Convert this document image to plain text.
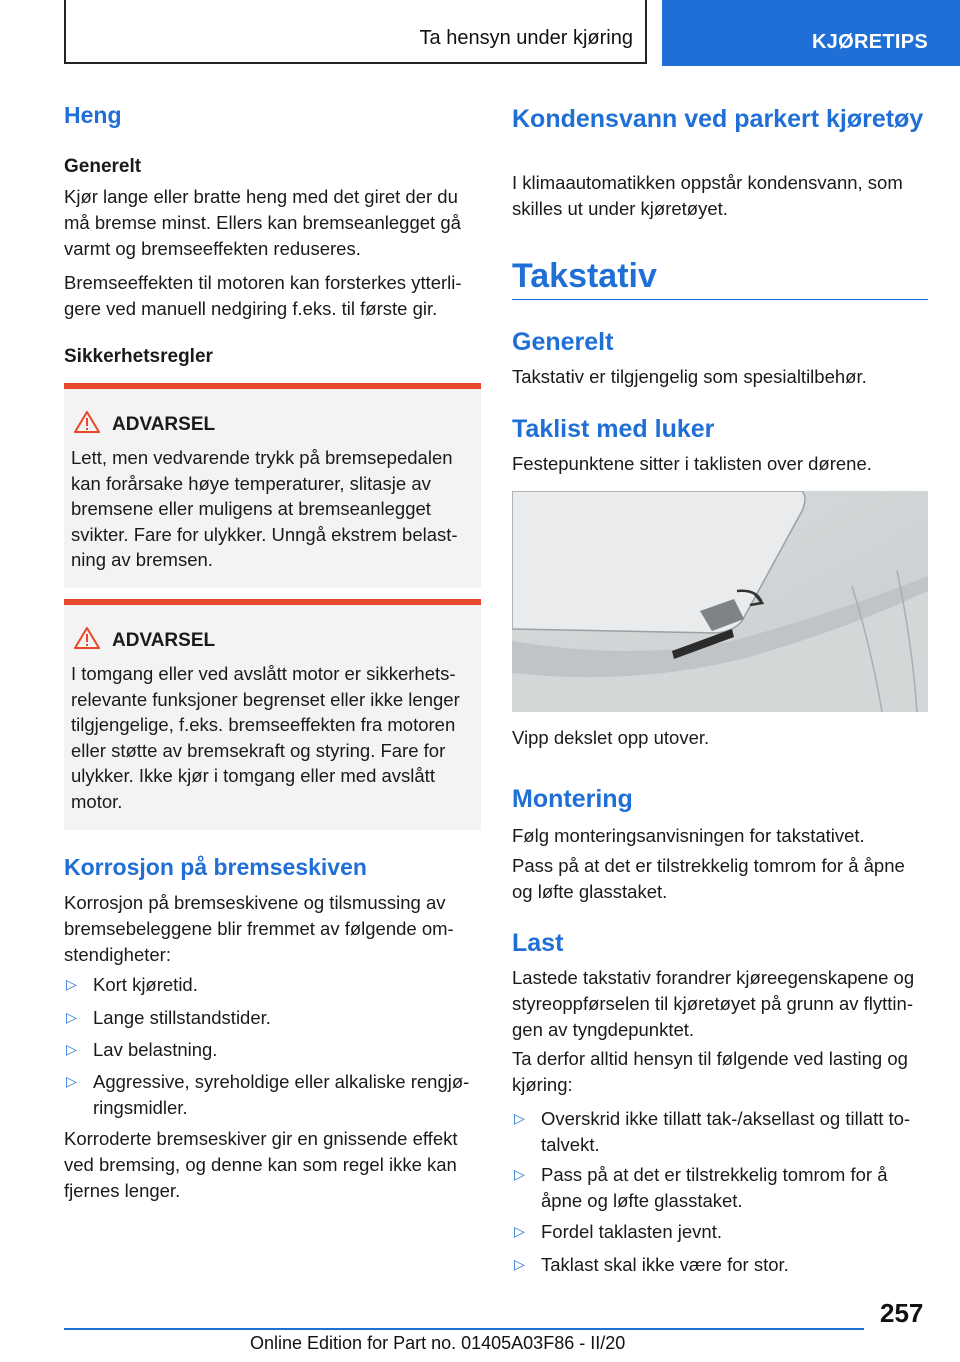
Ta hensyn under kjøring	KJØRETIPS
Heng
Generelt

Kjør lange eller bratte heng med det giret der du må bremse minst. Ellers kan bremseanlegget gå varmt og bremseeffekten reduseres.

Bremseeffekten til motoren kan forsterkes ytterli-gere ved manuell nedgiring f.eks. til første gir.

Sikkerhetsregler
ADVARSEL
Lett, men vedvarende trykk på bremsepedalen kan forårsake høye temperaturer, slitasje av bremsene eller muligens at bremseanlegget svikter. Fare for ulykker. Unngå ekstrem belast-ning av bremsen.
ADVARSEL
I tomgang eller ved avslått motor er sikkerhets-relevante funksjoner begrenset eller ikke lenger tilgjengelige, f.eks. bremseeffekten fra motoren eller støtte av bremsekraft og styring. Fare for ulykker. Ikke kjør i tomgang eller med avslått motor.
Korrosjon på bremseskiven

Korrosjon på bremseskivene og tilsmussing av bremsebeleggene blir fremmet av følgende om-stendigheter:

▷ Kort kjøretid.
▷ Lange stillstandstider.
▷ Lav belastning.
▷ Aggressive, syreholdige eller alkaliske rengjø-ringsmidler.

Korroderte bremseskiver gir en gnissende effekt ved bremsing, og denne kan som regel ikke kan fjernes lenger.

Kondensvann ved parkert kjøretøy

I klimaautomatikken oppstår kondensvann, som skilles ut under kjøretøyet.

Takstativ
Generelt

Takstativ er tilgjengelig som spesialtilbehør.

Taklist med luker

Festepunktene sitter i taklisten over dørene.

Vipp dekslet opp utover.

Montering

Følg monteringsanvisningen for takstativet.

Pass på at det er tilstrekkelig tomrom for å åpne og løfte glasstaket.

Last

Lastede takstativ forandrer kjøreegenskapene og styreoppførselen til kjøretøyet på grunn av flyttin-gen av tyngdepunktet.

Ta derfor alltid hensyn til følgende ved lasting og kjøring:

▷ Overskrid ikke tillatt tak-/aksellast og tillatt to-talvekt.
▷ Pass på at det er tilstrekkelig tomrom for å åpne og løfte glasstaket.
▷ Fordel taklasten jevnt.
▷ Taklast skal ikke være for stor.
257
Online Edition for Part no. 01405A03F86 - II/20
